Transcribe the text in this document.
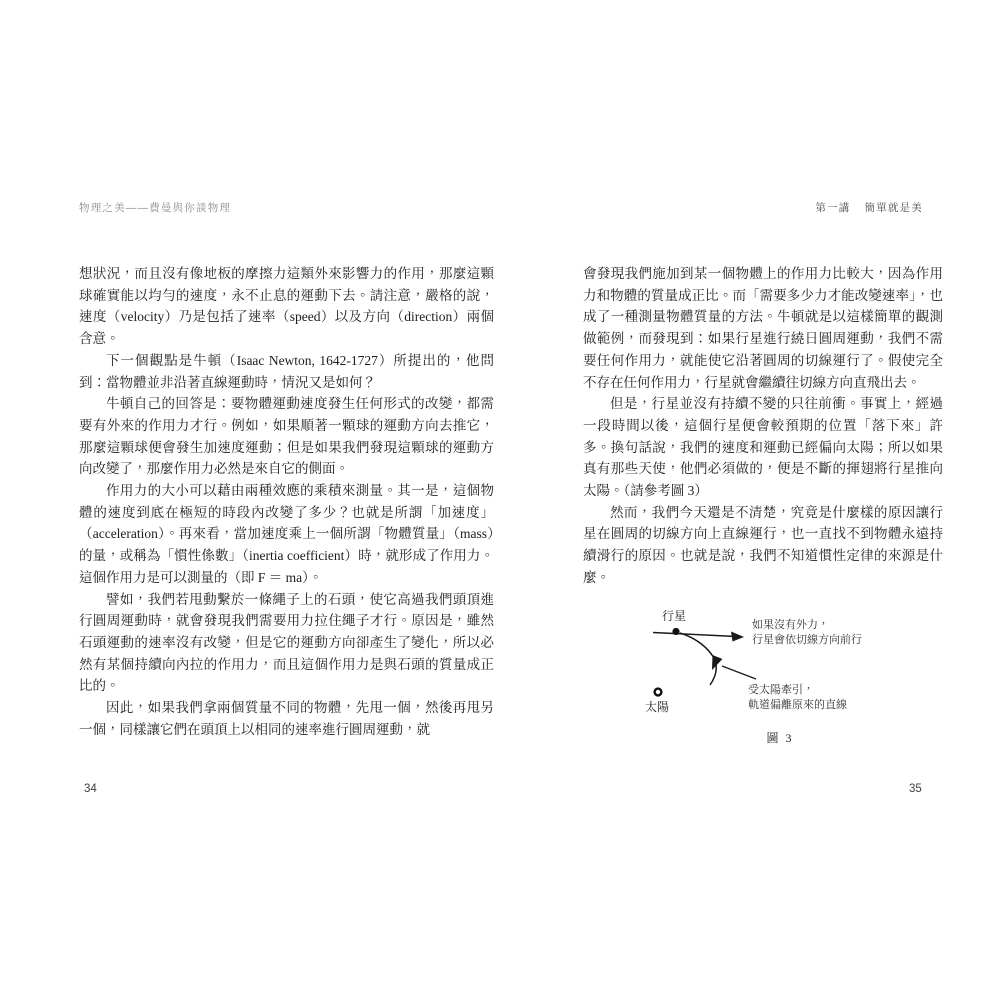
物理之美——費曼與你談物理	第一講 簡單就是美

想狀況，而且沒有像地板的摩擦力這類外來影響力的作用，那麼這顆球確實能以均勻的速度，永不止息的運動下去。請注意，嚴格的說，速度（velocity）乃是包括了速率（speed）以及方向（direction）兩個含意。

下一個觀點是牛頓（Isaac Newton, 1642-1727）所提出的，他問到：當物體並非沿著直線運動時，情況又是如何？

牛頓自己的回答是：要物體運動速度發生任何形式的改變，都需要有外來的作用力才行。例如，如果順著一顆球的運動方向去推它，那麼這顆球便會發生加速度運動；但是如果我們發現這顆球的運動方向改變了，那麼作用力必然是來自它的側面。

作用力的大小可以藉由兩種效應的乘積來測量。其一是，這個物體的速度到底在極短的時段內改變了多少？也就是所謂「加速度」（acceleration）。再來看，當加速度乘上一個所謂「物體質量」（mass）的量，或稱為「慣性係數」（inertia coefficient）時，就形成了作用力。這個作用力是可以測量的（即 F ＝ ma）。

譬如，我們若甩動繫於一條繩子上的石頭，使它高過我們頭頂進行圓周運動時，就會發現我們需要用力拉住繩子才行。原因是，雖然石頭運動的速率沒有改變，但是它的運動方向卻產生了變化，所以必然有某個持續向內拉的作用力，而且這個作用力是與石頭的質量成正比的。

因此，如果我們拿兩個質量不同的物體，先甩一個，然後再甩另一個，同樣讓它們在頭頂上以相同的速率進行圓周運動，就

會發現我們施加到某一個物體上的作用力比較大，因為作用力和物體的質量成正比。而「需要多少力才能改變速率」，也成了一種測量物體質量的方法。牛頓就是以這樣簡單的觀測做範例，而發現到：如果行星進行繞日圓周運動，我們不需要任何作用力，就能使它沿著圓周的切線運行了。假使完全不存在任何作用力，行星就會繼續往切線方向直飛出去。

但是，行星並沒有持續不變的只往前衝。事實上，經過一段時間以後，這個行星便會較預期的位置「落下來」許多。換句話說，我們的速度和運動已經偏向太陽；所以如果真有那些天使，他們必須做的，便是不斷的揮翅將行星推向太陽。（請參考圖 3）

然而，我們今天還是不清楚，究竟是什麼樣的原因讓行星在圓周的切線方向上直線運行，也一直找不到物體永遠持續滑行的原因。也就是說，我們不知道慣性定律的來源是什麼。

行星
太陽
如果沒有外力，
行星會依切線方向前行
受太陽牽引，
軌道偏離原來的直線
圖 3
34	35
